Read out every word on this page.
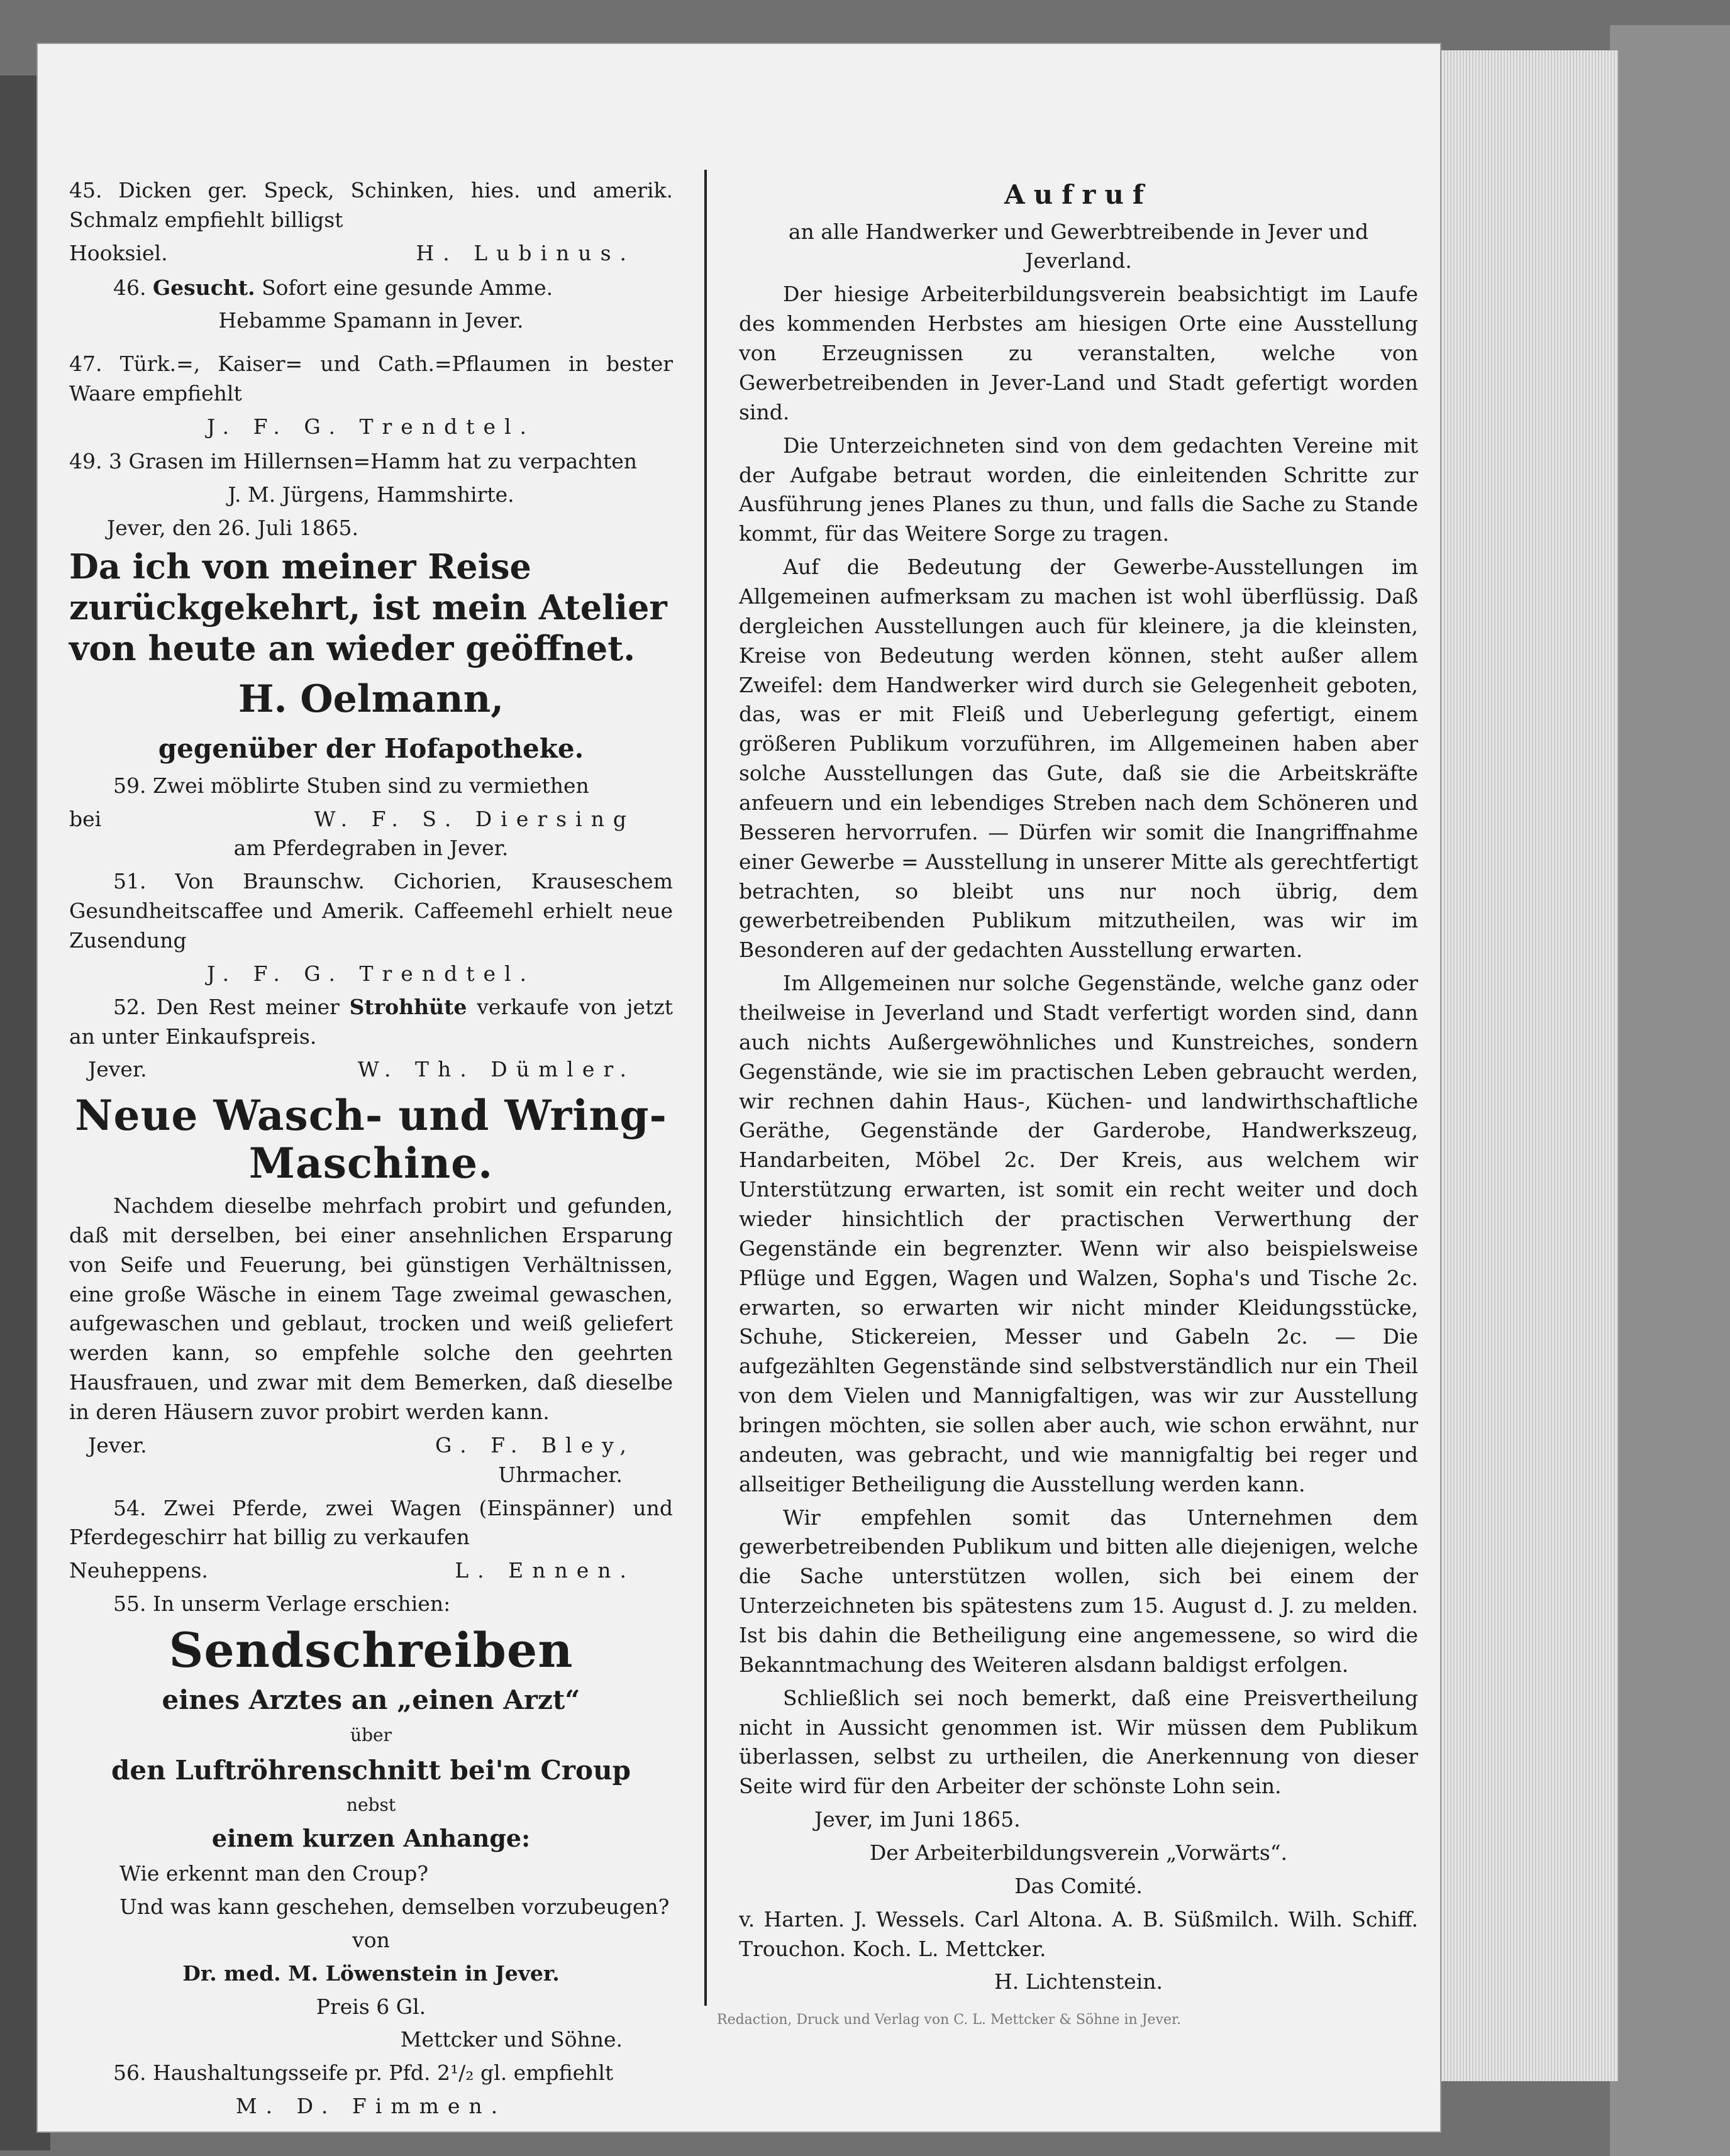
45. Dicken ger. Speck, Schinken, hies. und amerik. Schmalz empfiehlt billigst

Hooksiel.	H. Lubinus.

46. Gesucht. Sofort eine gesunde Amme.

Hebamme Spamann in Jever.

47. Türk.=, Kaiser= und Cath.=Pflaumen in bester Waare empfiehlt

J. F. G. Trendtel.

49. 3 Grasen im Hillernsen=Hamm hat zu verpachten

J. M. Jürgens, Hammshirte.

Jever, den 26. Juli 1865.

Da ich von meiner Reise zurückgekehrt, ist mein Atelier von heute an wieder geöffnet.

H. Oelmann,

gegenüber der Hofapotheke.

59. Zwei möblirte Stuben sind zu vermiethen

bei	W. F. S. Diersing

am Pferdegraben in Jever.

51. Von Braunschw. Cichorien, Krauseschem Gesundheitscaffee und Amerik. Caffeemehl erhielt neue Zusendung

J. F. G. Trendtel.

52. Den Rest meiner Strohhüte verkaufe von jetzt an unter Einkaufspreis.

Jever.	W. Th. Dümler.

Neue Wasch- und Wring-Maschine.

Nachdem dieselbe mehrfach probirt und gefunden, daß mit derselben, bei einer ansehnlichen Ersparung von Seife und Feuerung, bei günstigen Verhältnissen, eine große Wäsche in einem Tage zweimal gewaschen, aufgewaschen und geblaut, trocken und weiß geliefert werden kann, so empfehle solche den geehrten Hausfrauen, und zwar mit dem Bemerken, daß dieselbe in deren Häusern zuvor probirt werden kann.

Jever.	G. F. Bley,

Uhrmacher.

54. Zwei Pferde, zwei Wagen (Einspänner) und Pferdegeschirr hat billig zu verkaufen

Neuheppens.	L. Ennen.

55. In unserm Verlage erschien:

Sendschreiben

eines Arztes an „einen Arzt“

über

den Luftröhrenschnitt bei'm Croup

nebst

einem kurzen Anhange:

Wie erkennt man den Croup?

Und was kann geschehen, demselben vorzubeugen?

von

Dr. med. M. Löwenstein in Jever.

Preis 6 Gl.

Mettcker und Söhne.

56. Haushaltungsseife pr. Pfd. 2¹/₂ gl. empfiehlt

M. D. Fimmen.

Aufruf

an alle Handwerker und Gewerbtreibende in Jever und Jeverland.

Der hiesige Arbeiterbildungsverein beabsichtigt im Laufe des kommenden Herbstes am hiesigen Orte eine Ausstellung von Erzeugnissen zu veranstalten, welche von Gewerbetreibenden in Jever-Land und Stadt gefertigt worden sind.

Die Unterzeichneten sind von dem gedachten Vereine mit der Aufgabe betraut worden, die einleitenden Schritte zur Ausführung jenes Planes zu thun, und falls die Sache zu Stande kommt, für das Weitere Sorge zu tragen.

Auf die Bedeutung der Gewerbe-Ausstellungen im Allgemeinen aufmerksam zu machen ist wohl überflüssig. Daß dergleichen Ausstellungen auch für kleinere, ja die kleinsten, Kreise von Bedeutung werden können, steht außer allem Zweifel: dem Handwerker wird durch sie Gelegenheit geboten, das, was er mit Fleiß und Ueberlegung gefertigt, einem größeren Publikum vorzuführen, im Allgemeinen haben aber solche Ausstellungen das Gute, daß sie die Arbeitskräfte anfeuern und ein lebendiges Streben nach dem Schöneren und Besseren hervorrufen. — Dürfen wir somit die Inangriffnahme einer Gewerbe = Ausstellung in unserer Mitte als gerechtfertigt betrachten, so bleibt uns nur noch übrig, dem gewerbetreibenden Publikum mitzutheilen, was wir im Besonderen auf der gedachten Ausstellung erwarten.

Im Allgemeinen nur solche Gegenstände, welche ganz oder theilweise in Jeverland und Stadt verfertigt worden sind, dann auch nichts Außergewöhnliches und Kunstreiches, sondern Gegenstände, wie sie im practischen Leben gebraucht werden, wir rechnen dahin Haus-, Küchen- und landwirthschaftliche Geräthe, Gegenstände der Garderobe, Handwerkszeug, Handarbeiten, Möbel 2c. Der Kreis, aus welchem wir Unterstützung erwarten, ist somit ein recht weiter und doch wieder hinsichtlich der practischen Verwerthung der Gegenstände ein begrenzter. Wenn wir also beispielsweise Pflüge und Eggen, Wagen und Walzen, Sopha's und Tische 2c. erwarten, so erwarten wir nicht minder Kleidungsstücke, Schuhe, Stickereien, Messer und Gabeln 2c. — Die aufgezählten Gegenstände sind selbstverständlich nur ein Theil von dem Vielen und Mannigfaltigen, was wir zur Ausstellung bringen möchten, sie sollen aber auch, wie schon erwähnt, nur andeuten, was gebracht, und wie mannigfaltig bei reger und allseitiger Betheiligung die Ausstellung werden kann.

Wir empfehlen somit das Unternehmen dem gewerbetreibenden Publikum und bitten alle diejenigen, welche die Sache unterstützen wollen, sich bei einem der Unterzeichneten bis spätestens zum 15. August d. J. zu melden. Ist bis dahin die Betheiligung eine angemessene, so wird die Bekanntmachung des Weiteren alsdann baldigst erfolgen.

Schließlich sei noch bemerkt, daß eine Preisvertheilung nicht in Aussicht genommen ist. Wir müssen dem Publikum überlassen, selbst zu urtheilen, die Anerkennung von dieser Seite wird für den Arbeiter der schönste Lohn sein.

Jever, im Juni 1865.

Der Arbeiterbildungsverein „Vorwärts“.

Das Comité.

v. Harten. J. Wessels. Carl Altona. A. B. Süßmilch. Wilh. Schiff. Trouchon. Koch. L. Mettcker.

H. Lichtenstein.

Redaction, Druck und Verlag von C. L. Mettcker & Söhne in Jever.
